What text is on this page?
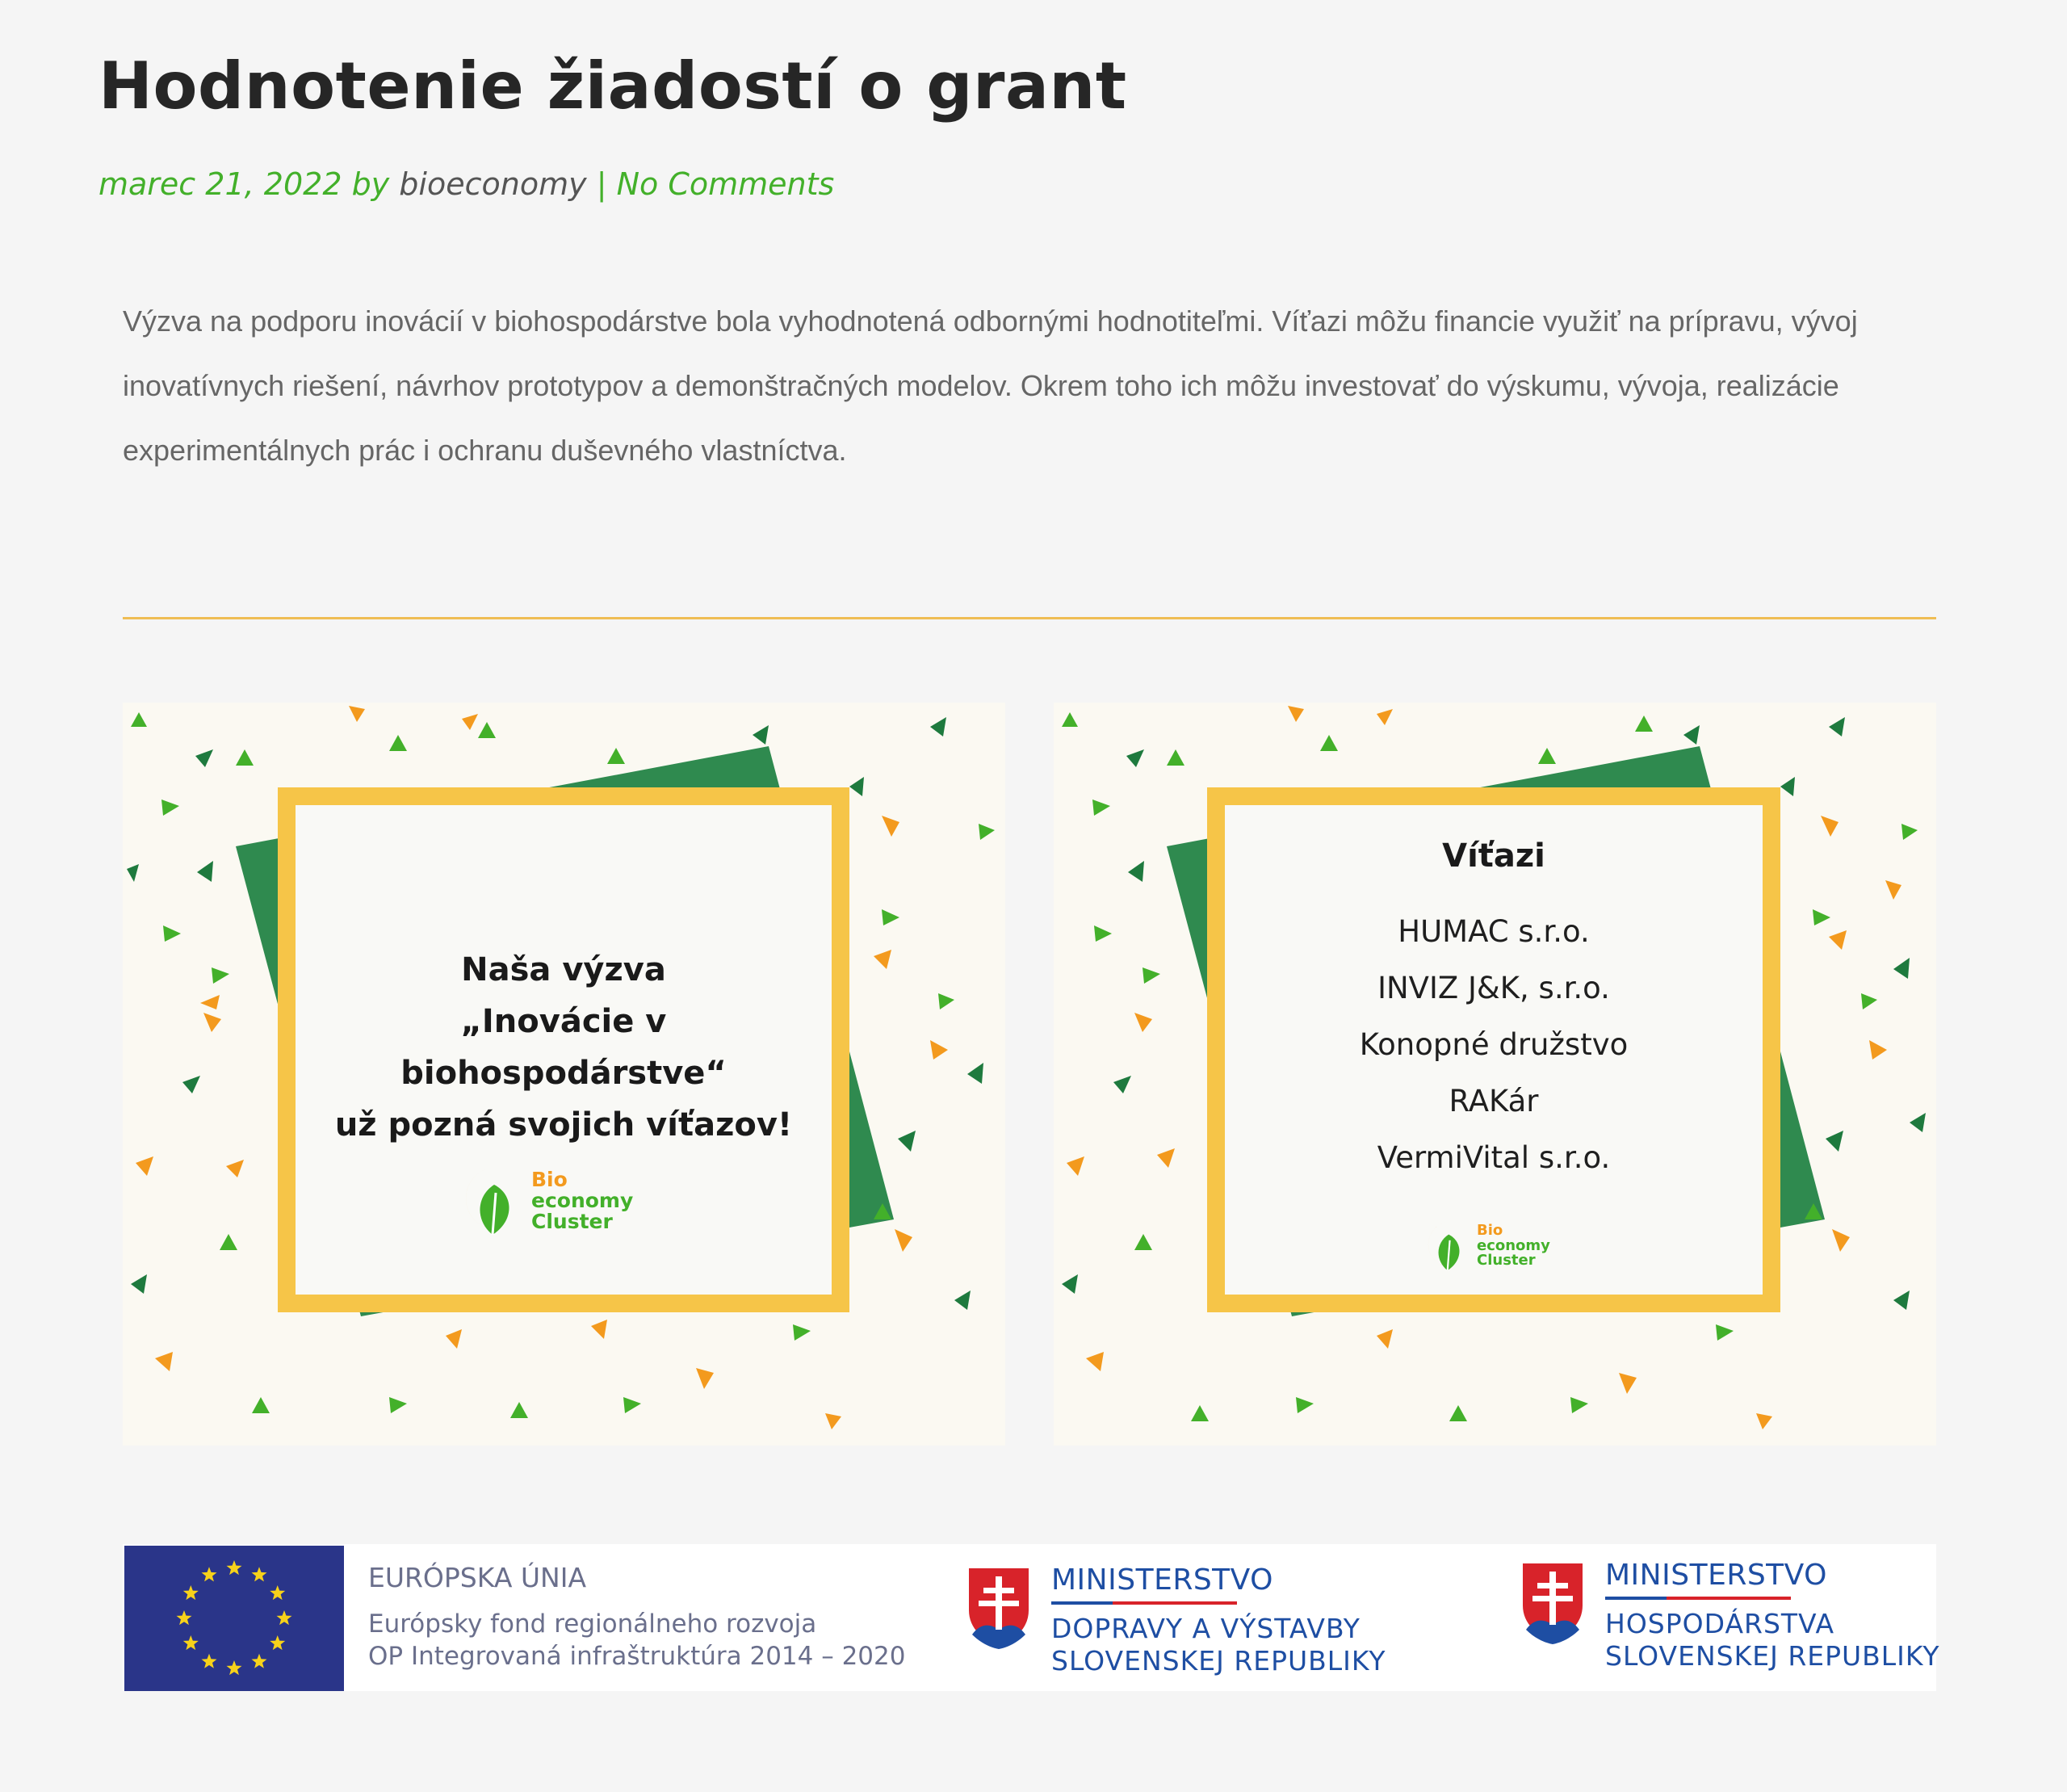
Hodnotenie žiadostí o grant
marec 21, 2022 by bioeconomy | No Comments

Výzva na podporu inovácií v biohospodárstve bola vyhodnotená odbornými hodnotiteľmi. Víťazi môžu financie využiť na prípravu, vývoj inovatívnych riešení, návrhov prototypov a demonštračných modelov. Okrem toho ich môžu investovať do výskumu, vývoja, realizácie experimentálnych prác i ochranu duševného vlastníctva.

Naša výzva
„Inovácie v biohospodárstve“
už pozná svojich víťazov!
Bio
economy
Cluster
Víťazi
HUMAC s.r.o.
INVIZ J&K, s.r.o.
Konopné družstvo
RAKár
VermiVital s.r.o.
Bio
economy
Cluster
EURÓPSKA ÚNIA
Európsky fond regionálneho rozvoja
OP Integrovaná infraštruktúra 2014 – 2020
MINISTERSTVO
DOPRAVY A VÝSTAVBY
SLOVENSKEJ REPUBLIKY
MINISTERSTVO
HOSPODÁRSTVA
SLOVENSKEJ REPUBLIKY
